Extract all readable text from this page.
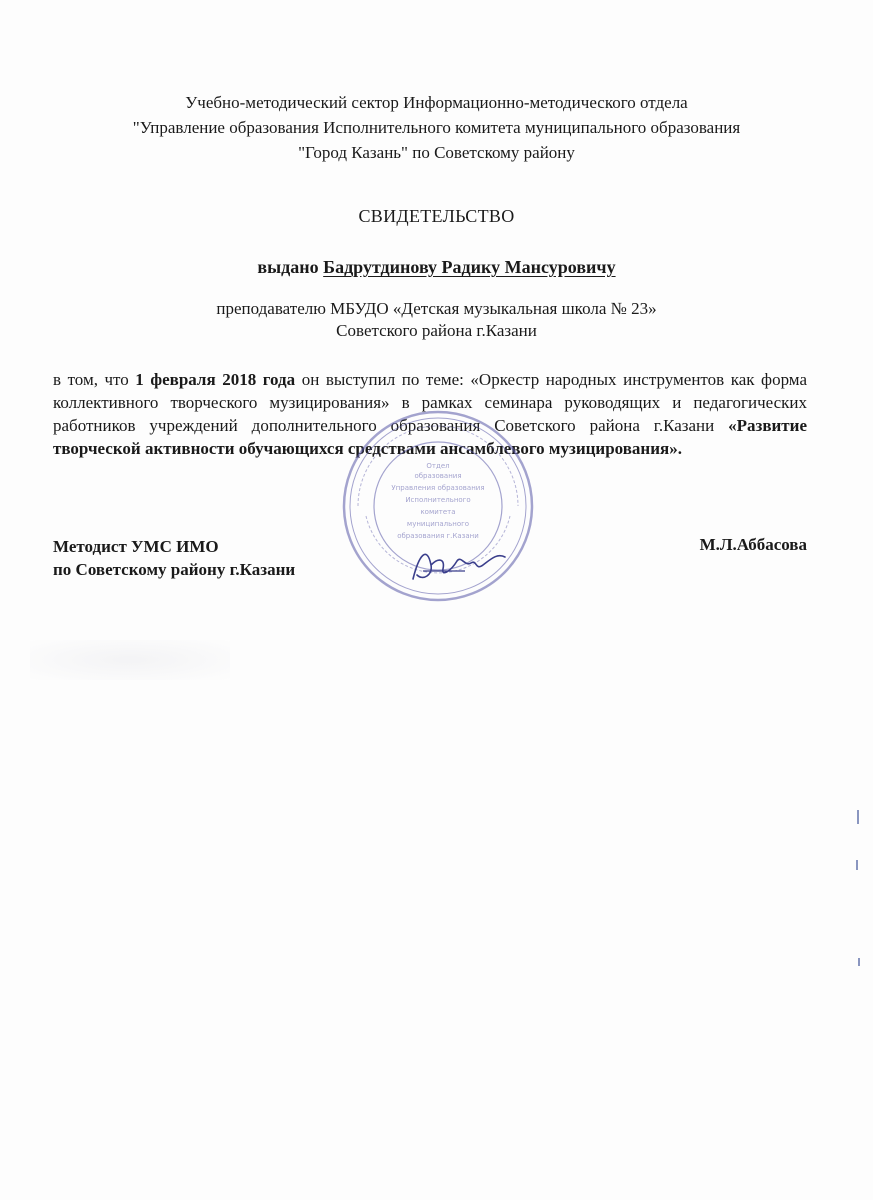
Учебно-методический сектор Информационно-методического отдела
"Управление образования Исполнительного комитета муниципального образования
"Город Казань" по Советскому району
СВИДЕТЕЛЬСТВО
выдано Бадрутдинову Радику Мансуровичу
преподавателю МБУДО «Детская музыкальная школа № 23»
Советского района г.Казани
в том, что 1 февраля 2018 года он выступил по теме: «Оркестр народных инструментов как форма коллективного творческого музицирования» в рамках семинара руководящих и педагогических работников учреждений дополнительного образования Советского района г.Казани «Развитие творческой активности обучающихся средствами ансамблевого музицирования».
Отдел
образования
Управления образования
Исполнительного
комитета
муниципального
образования г.Казани
Методист УМС ИМО
по Советскому району г.Казани
М.Л.Аббасова
